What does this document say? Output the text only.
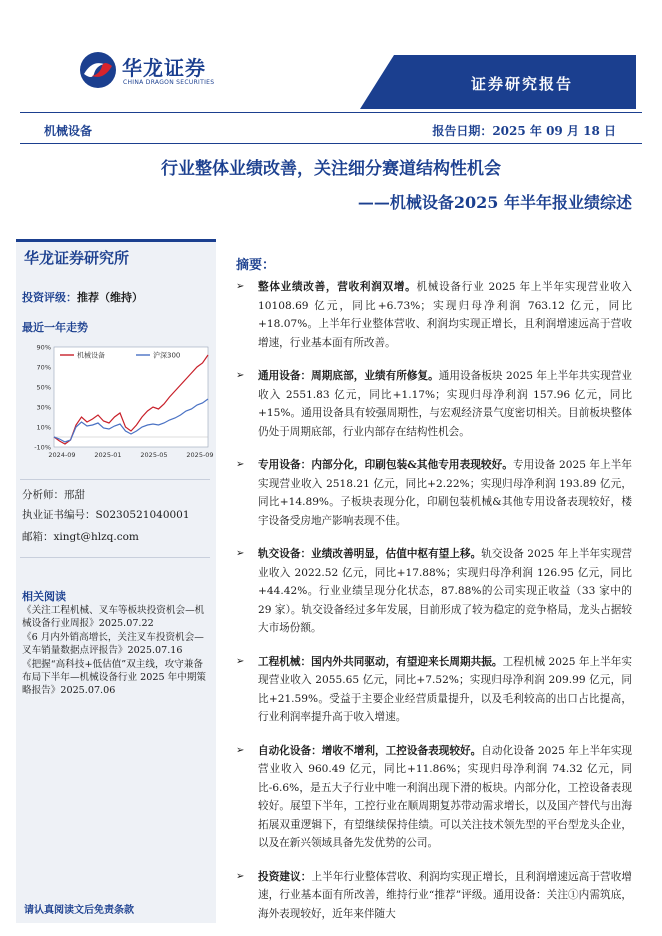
华龙证券
CHINA DRAGON SECURITIES	证券研究报告
机械设备	报告日期：2025 年 09 月 18 日
行业整体业绩改善，关注细分赛道结构性机会
——机械设备2025 年半年报业绩综述
华龙证券研究所
投资评级：推荐（维持）
最近一年走势
90%
70%
50%
30%
10%
-10%
2024-09	2025-01	2025-05	2025-09
机械设备	沪深300
分析师：邢甜
执业证书编号：S0230521040001
邮箱：xingt@hlzq.com
相关阅读

《关注工程机械、叉车等板块投资机会—机械设备行业周报》2025.07.22

《6 月内外销高增长，关注叉车投资机会—叉车销量数据点评报告》2025.07.16

《把握“高科技+低估值”双主线，攻守兼备布局下半年—机械设备行业 2025 年中期策略报告》2025.07.06

请认真阅读文后免责条款
摘要：
➢	整体业绩改善，营收利润双增。机械设备行业 2025 年上半年实现营业收入 10108.69 亿元，同比+6.73%；实现归母净利润 763.12 亿元，同比+18.07%。上半年行业整体营收、利润均实现正增长，且利润增速远高于营收增速，行业基本面有所改善。
➢	通用设备：周期底部，业绩有所修复。通用设备板块 2025 年上半年共实现营业收入 2551.83 亿元，同比+1.17%；实现归母净利润 157.96 亿元，同比+15%。通用设备具有较强周期性，与宏观经济景气度密切相关。目前板块整体仍处于周期底部，行业内部存在结构性机会。
➢	专用设备：内部分化，印刷包装&其他专用表现较好。专用设备 2025 年上半年实现营业收入 2518.21 亿元，同比+2.22%；实现归母净利润 193.89 亿元，同比+14.89%。子板块表现分化，印刷包装机械&其他专用设备表现较好，楼宇设备受房地产影响表现不佳。
➢	轨交设备：业绩改善明显，估值中枢有望上移。轨交设备 2025 年上半年实现营业收入 2022.52 亿元，同比+17.88%；实现归母净利润 126.95 亿元，同比+44.42%。行业业绩呈现分化状态，87.88%的公司实现正收益（33 家中的 29 家）。轨交设备经过多年发展，目前形成了较为稳定的竞争格局，龙头占据较大市场份额。
➢	工程机械：国内外共同驱动，有望迎来长周期共振。工程机械 2025 年上半年实现营业收入 2055.65 亿元，同比+7.52%；实现归母净利润 209.99 亿元，同比+21.59%。受益于主要企业经营质量提升，以及毛利较高的出口占比提高，行业利润率提升高于收入增速。
➢	自动化设备：增收不增利，工控设备表现较好。自动化设备 2025 年上半年实现营业收入 960.49 亿元，同比+11.86%；实现归母净利润 74.32 亿元，同比-6.6%，是五大子行业中唯一利润出现下滑的板块。内部分化，工控设备表现较好。展望下半年，工控行业在顺周期复苏带动需求增长，以及国产替代与出海拓展双重逻辑下，有望继续保持佳绩。可以关注技术领先型的平台型龙头企业，以及在新兴领域具备先发优势的公司。
➢	投资建议：上半年行业整体营收、利润均实现正增长，且利润增速远高于营收增速，行业基本面有所改善，维持行业“推荐”评级。通用设备：关注①内需筑底，海外表现较好，近年来伴随大
